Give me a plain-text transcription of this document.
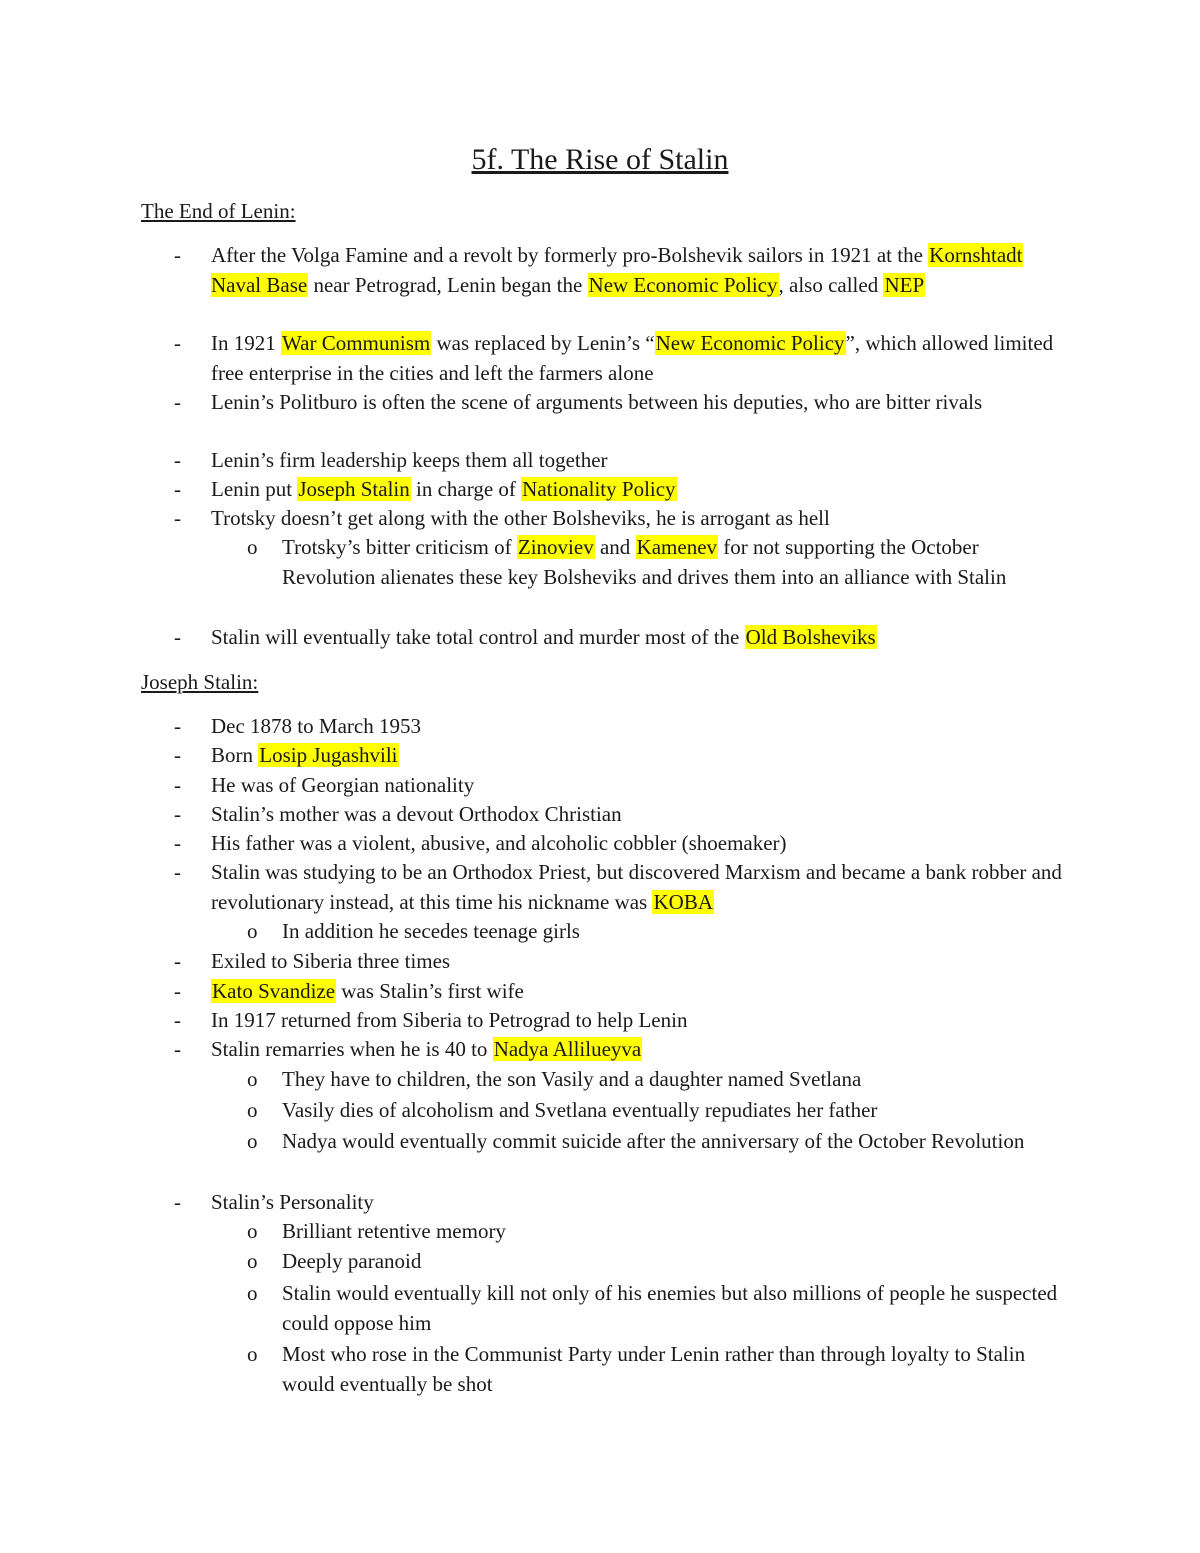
5f. The Rise of Stalin
The End of Lenin:
- After the Volga Famine and a revolt by formerly pro-Bolshevik sailors in 1921 at the Kornshtadt Naval Base near Petrograd, Lenin began the New Economic Policy, also called NEP
- In 1921 War Communism was replaced by Lenin’s “New Economic Policy”, which allowed limited free enterprise in the cities and left the farmers alone
- Lenin’s Politburo is often the scene of arguments between his deputies, who are bitter rivals
- Lenin’s firm leadership keeps them all together
- Lenin put Joseph Stalin in charge of Nationality Policy
- Trotsky doesn’t get along with the other Bolsheviks, he is arrogant as hell
o Trotsky’s bitter criticism of Zinoviev and Kamenev for not supporting the October Revolution alienates these key Bolsheviks and drives them into an alliance with Stalin
- Stalin will eventually take total control and murder most of the Old Bolsheviks
Joseph Stalin:
- Dec 1878 to March 1953
- Born Losip Jugashvili
- He was of Georgian nationality
- Stalin’s mother was a devout Orthodox Christian
- His father was a violent, abusive, and alcoholic cobbler (shoemaker)
- Stalin was studying to be an Orthodox Priest, but discovered Marxism and became a bank robber and revolutionary instead, at this time his nickname was KOBA
o In addition he secedes teenage girls
- Exiled to Siberia three times
- Kato Svandize was Stalin’s first wife
- In 1917 returned from Siberia to Petrograd to help Lenin
- Stalin remarries when he is 40 to Nadya Allilueyva
o They have to children, the son Vasily and a daughter named Svetlana
o Vasily dies of alcoholism and Svetlana eventually repudiates her father
o Nadya would eventually commit suicide after the anniversary of the October Revolution
- Stalin’s Personality
o Brilliant retentive memory
o Deeply paranoid
o Stalin would eventually kill not only of his enemies but also millions of people he suspected could oppose him
o Most who rose in the Communist Party under Lenin rather than through loyalty to Stalin would eventually be shot
